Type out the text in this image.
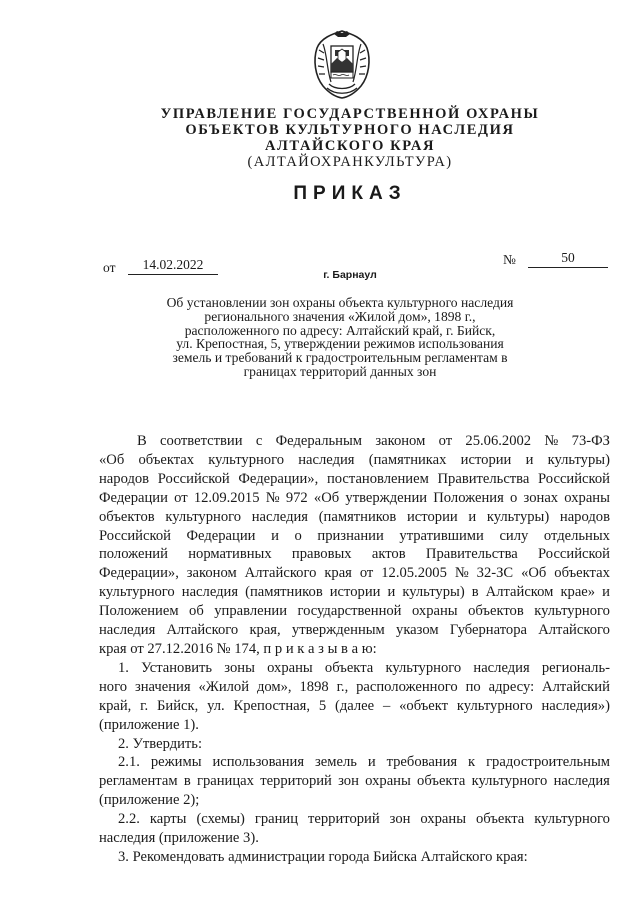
УПРАВЛЕНИЕ ГОСУДАРСТВЕННОЙ ОХРАНЫ
ОБЪЕКТОВ КУЛЬТУРНОГО НАСЛЕДИЯ
АЛТАЙСКОГО КРАЯ
(АЛТАЙОХРАНКУЛЬТУРА)
ПРИКАЗ
от	14.02.2022	№	50
г. Барнаул
Об установлении зон охраны объекта культурного наследия
регионального значения «Жилой дом», 1898 г.,
расположенного по адресу: Алтайский край, г. Бийск,
ул. Крепостная, 5, утверждении режимов использования
земель и требований к градостроительным регламентам в
границах территорий данных зон
В соответствии с Федеральным законом от 25.06.2002 № 73-ФЗ
«Об объектах культурного наследия (памятниках истории и культуры)
народов Российской Федерации», постановлением Правительства Российской
Федерации от 12.09.2015 № 972 «Об утверждении Положения о зонах охраны
объектов культурного наследия (памятников истории и культуры) народов
Российской Федерации и о признании утратившими силу отдельных
положений нормативных правовых актов Правительства Российской
Федерации», законом Алтайского края от 12.05.2005 № 32-ЗС «Об объектах
культурного наследия (памятников истории и культуры) в Алтайском крае» и
Положением об управлении государственной охраны объектов культурного
наследия Алтайского края, утвержденным указом Губернатора Алтайского
края от 27.12.2016 № 174, п р и к а з ы в а ю:
1. Установить зоны охраны объекта культурного наследия региональ-
ного значения «Жилой дом», 1898 г., расположенного по адресу: Алтайский
край, г. Бийск, ул. Крепостная, 5 (далее – «объект культурного наследия»)
(приложение 1).
2. Утвердить:
2.1. режимы использования земель и требования к градостроительным
регламентам в границах территорий зон охраны объекта культурного наследия
(приложение 2);
2.2. карты (схемы) границ территорий зон охраны объекта культурного
наследия (приложение 3).
3. Рекомендовать администрации города Бийска Алтайского края:
